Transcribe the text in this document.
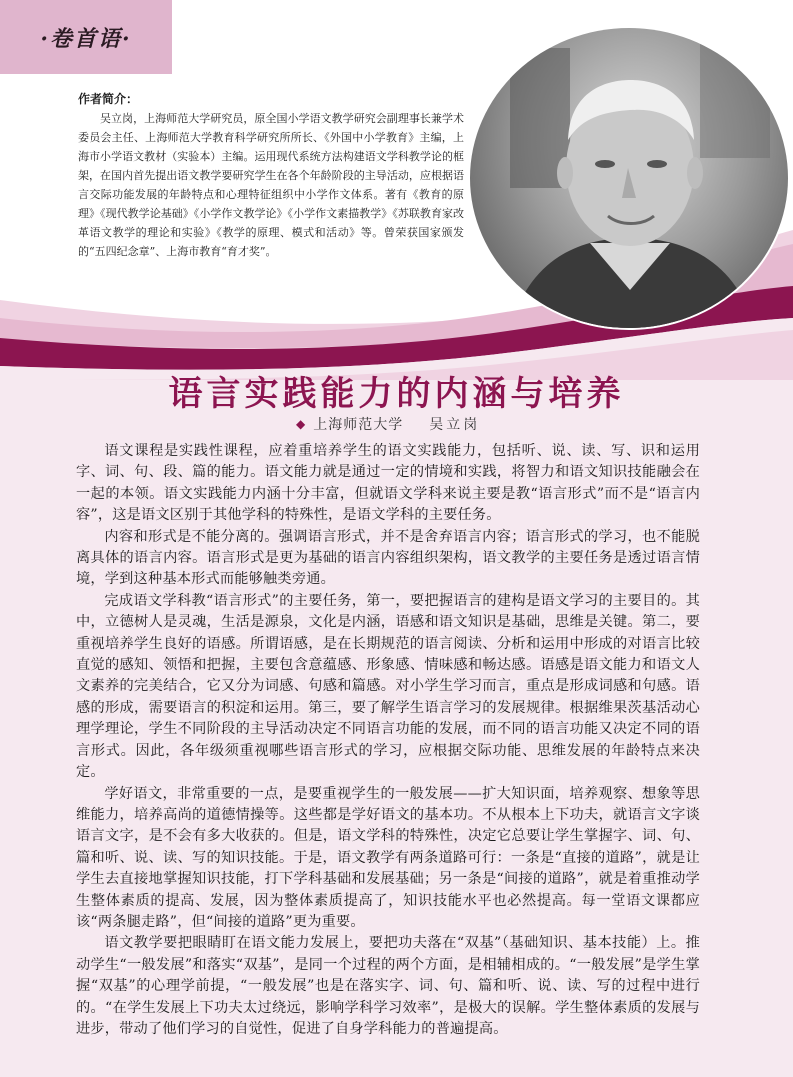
·卷首语·
作者简介：
吴立岗，上海师范大学研究员，原全国小学语文教学研究会副理事长兼学术委员会主任、上海师范大学教育科学研究所所长、《外国中小学教育》主编，上海市小学语文教材（实验本）主编。运用现代系统方法构建语文学科教学论的框架，在国内首先提出语文教学要研究学生在各个年龄阶段的主导活动，应根据语言交际功能发展的年龄特点和心理特征组织中小学作文体系。著有《教育的原理》《现代教学论基础》《小学作文教学论》《小学作文素描教学》《苏联教育家改革语文教学的理论和实验》《教学的原理、模式和活动》等。曾荣获国家颁发的“五四纪念章”、上海市教育“育才奖”。
语言实践能力的内涵与培养
◆ 上海师范大学 吴立岗

语文课程是实践性课程，应着重培养学生的语文实践能力，包括听、说、读、写、识和运用字、词、句、段、篇的能力。语文能力就是通过一定的情境和实践，将智力和语文知识技能融会在一起的本领。语文实践能力内涵十分丰富，但就语文学科来说主要是教“语言形式”而不是“语言内容”，这是语文区别于其他学科的特殊性，是语文学科的主要任务。

内容和形式是不能分离的。强调语言形式，并不是舍弃语言内容；语言形式的学习，也不能脱离具体的语言内容。语言形式是更为基础的语言内容组织架构，语文教学的主要任务是透过语言情境，学到这种基本形式而能够触类旁通。

完成语文学科教“语言形式”的主要任务，第一，要把握语言的建构是语文学习的主要目的。其中，立德树人是灵魂，生活是源泉，文化是内涵，语感和语文知识是基础，思维是关键。第二，要重视培养学生良好的语感。所谓语感，是在长期规范的语言阅读、分析和运用中形成的对语言比较直觉的感知、领悟和把握，主要包含意蕴感、形象感、情味感和畅达感。语感是语文能力和语文人文素养的完美结合，它又分为词感、句感和篇感。对小学生学习而言，重点是形成词感和句感。语感的形成，需要语言的积淀和运用。第三，要了解学生语言学习的发展规律。根据维果茨基活动心理学理论，学生不同阶段的主导活动决定不同语言功能的发展，而不同的语言功能又决定不同的语言形式。因此，各年级须重视哪些语言形式的学习，应根据交际功能、思维发展的年龄特点来决定。

学好语文，非常重要的一点，是要重视学生的一般发展——扩大知识面，培养观察、想象等思维能力，培养高尚的道德情操等。这些都是学好语文的基本功。不从根本上下功夫，就语言文字谈语言文字，是不会有多大收获的。但是，语文学科的特殊性，决定它总要让学生掌握字、词、句、篇和听、说、读、写的知识技能。于是，语文教学有两条道路可行：一条是“直接的道路”，就是让学生去直接地掌握知识技能，打下学科基础和发展基础；另一条是“间接的道路”，就是着重推动学生整体素质的提高、发展，因为整体素质提高了，知识技能水平也必然提高。每一堂语文课都应该“两条腿走路”，但“间接的道路”更为重要。

语文教学要把眼睛盯在语文能力发展上，要把功夫落在“双基”（基础知识、基本技能）上。推动学生“一般发展”和落实“双基”，是同一个过程的两个方面，是相辅相成的。“一般发展”是学生掌握“双基”的心理学前提，“一般发展”也是在落实字、词、句、篇和听、说、读、写的过程中进行的。“在学生发展上下功夫太过绕远，影响学科学习效率”，是极大的误解。学生整体素质的发展与进步，带动了他们学习的自觉性，促进了自身学科能力的普遍提高。
